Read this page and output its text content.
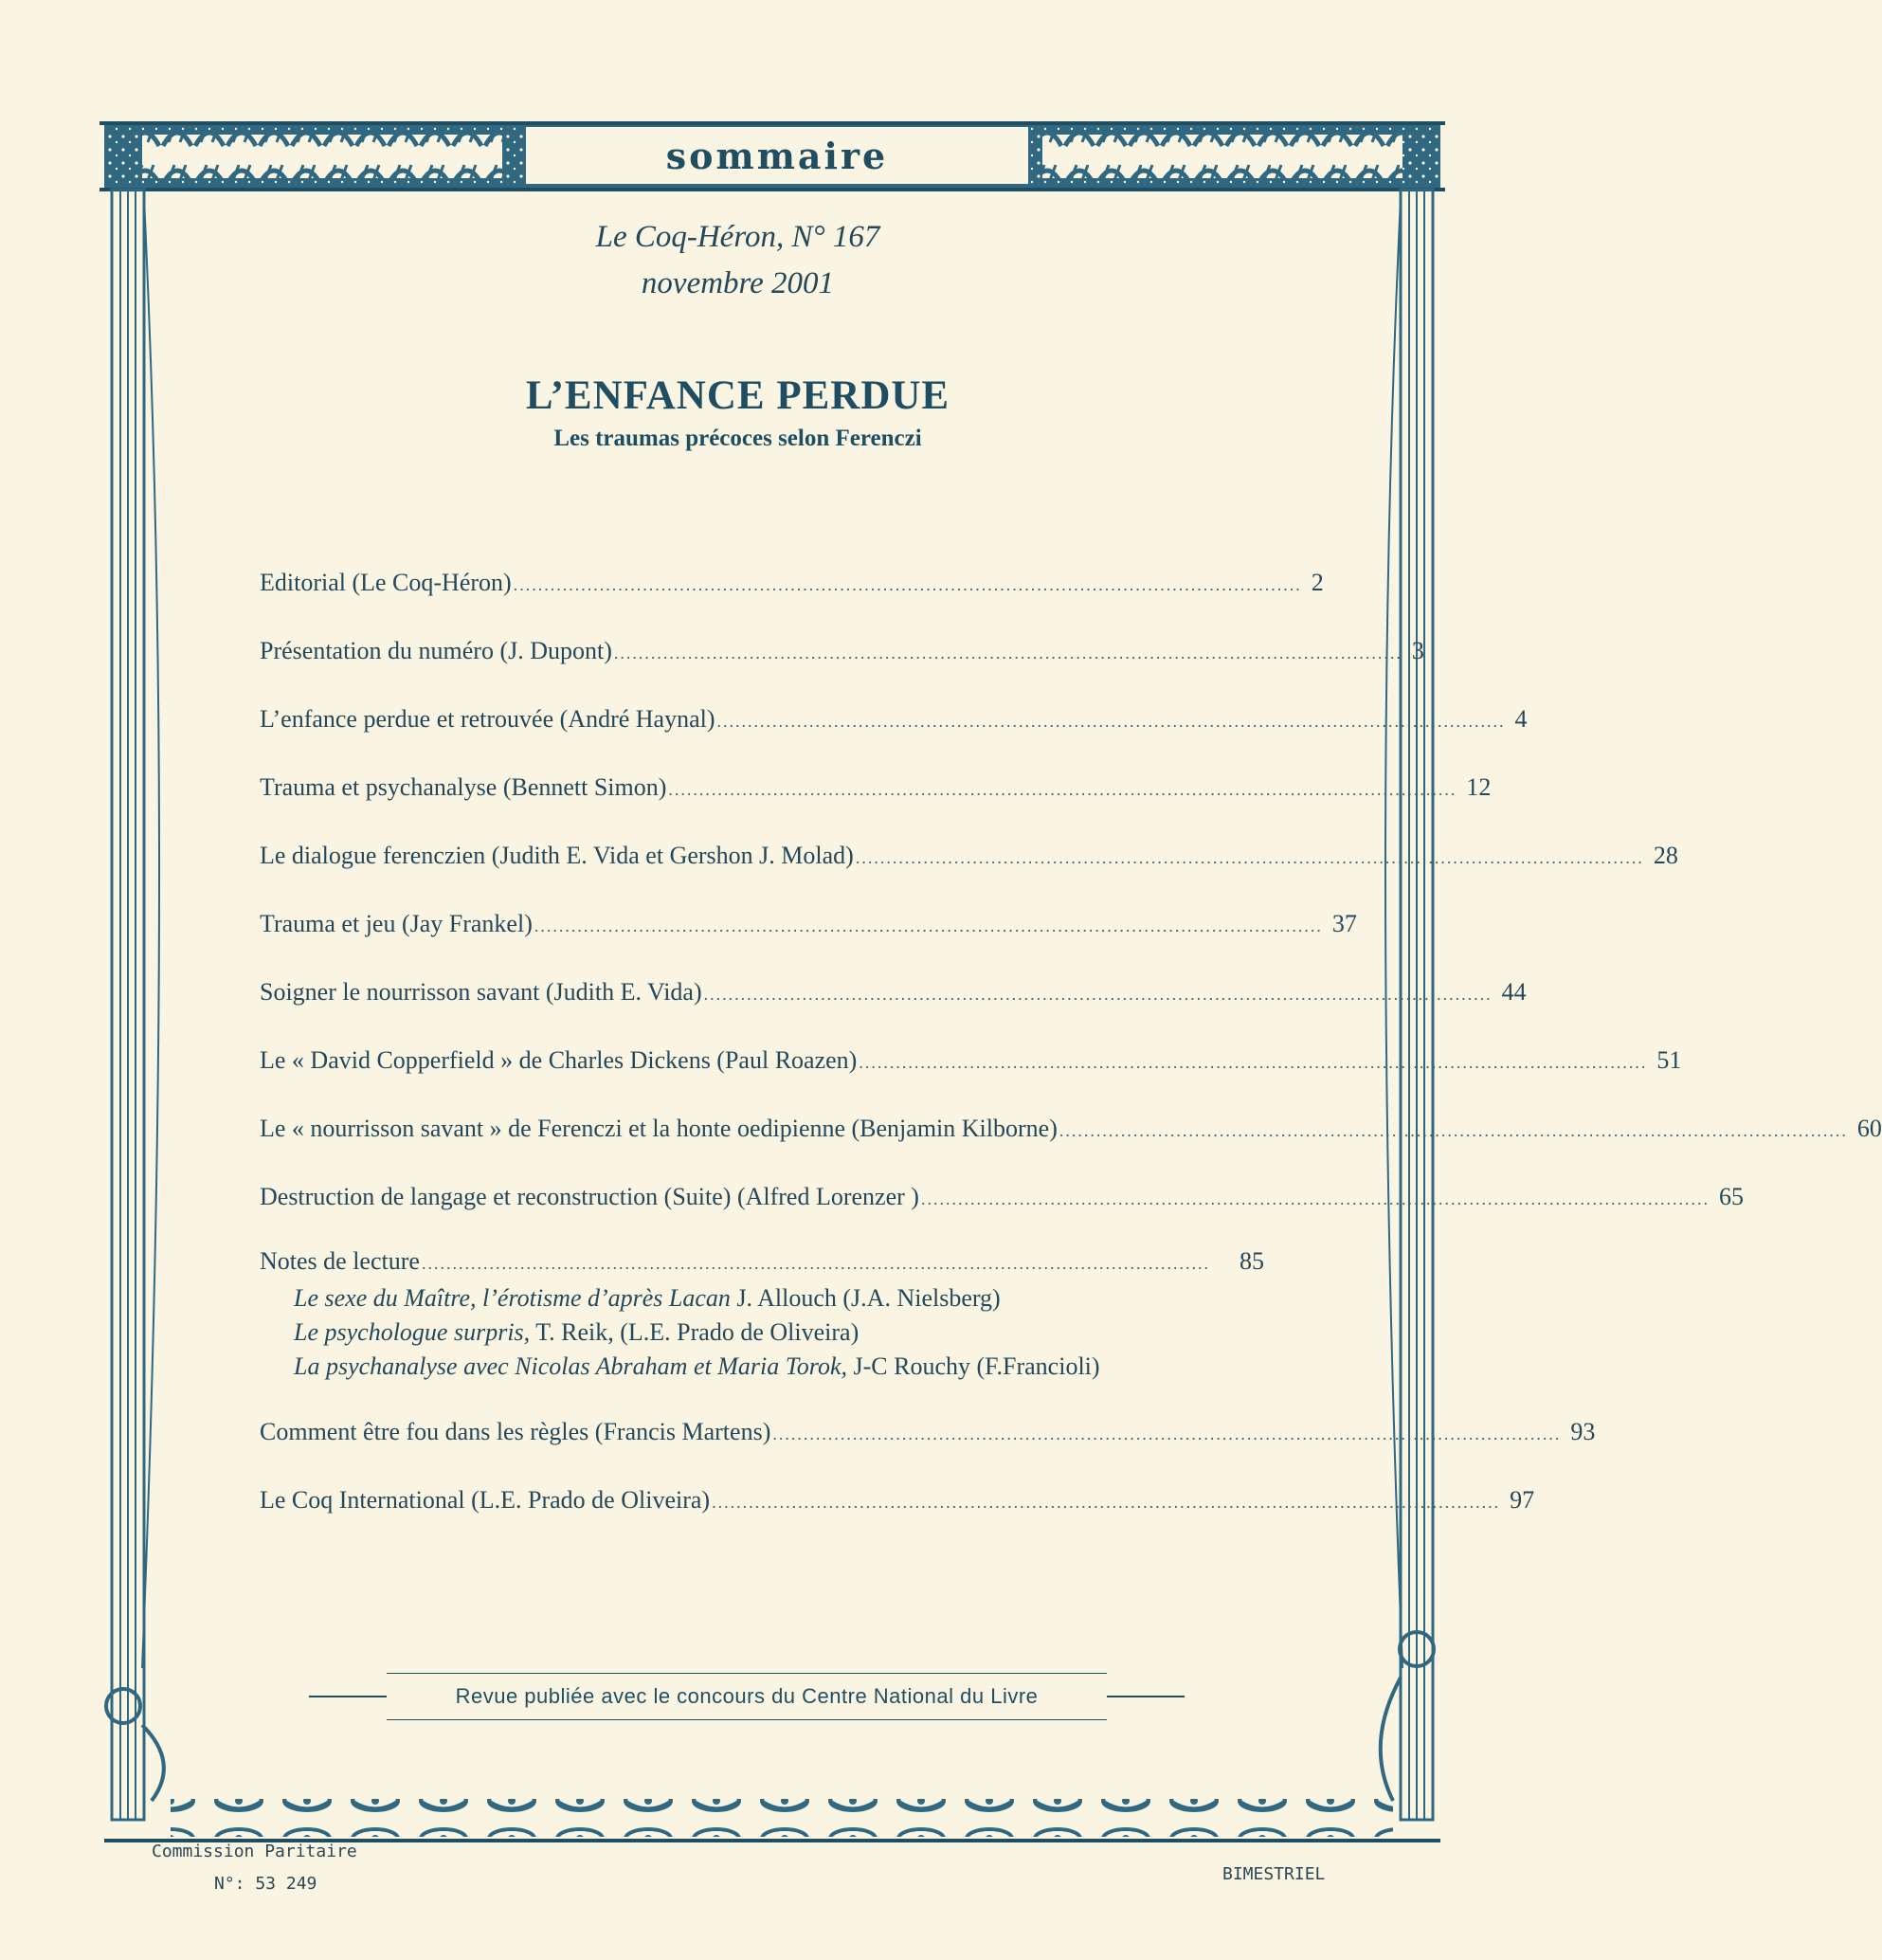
sommaire
Le Coq-Héron, N° 167
novembre 2001
L’ENFANCE PERDUE
Les traumas précoces selon Ferenczi
Editorial (Le Coq-Héron) ................................................................................................................................ 2
Présentation du numéro (J. Dupont) ................................................................................................................................ 3
L’enfance perdue et retrouvée (André Haynal) ................................................................................................................................ 4
Trauma et psychanalyse (Bennett Simon) ................................................................................................................................ 12
Le dialogue ferenczien (Judith E. Vida et Gershon J. Molad) ................................................................................................................................ 28
Trauma et jeu (Jay Frankel) ................................................................................................................................ 37
Soigner le nourrisson savant (Judith E. Vida) ................................................................................................................................ 44
Le « David Copperfield » de Charles Dickens (Paul Roazen) ................................................................................................................................ 51
Le « nourrisson savant » de Ferenczi et la honte oedipienne (Benjamin Kilborne) ................................................................................................................................ 60
Destruction de langage et reconstruction (Suite) (Alfred Lorenzer ) ................................................................................................................................ 65
Notes de lecture ................................................................................................................................	85
Le sexe du Maître, l’érotisme d’après Lacan J. Allouch (J.A. Nielsberg)
Le psychologue surpris, T. Reik, (L.E. Prado de Oliveira)
La psychanalyse avec Nicolas Abraham et Maria Torok, J-C Rouchy (F.Francioli)
Comment être fou dans les règles (Francis Martens) ................................................................................................................................ 93
Le Coq International (L.E. Prado de Oliveira) ................................................................................................................................ 97
Revue publiée avec le concours du Centre National du Livre
Commission Paritaire
N°: 53 249	BIMESTRIEL
